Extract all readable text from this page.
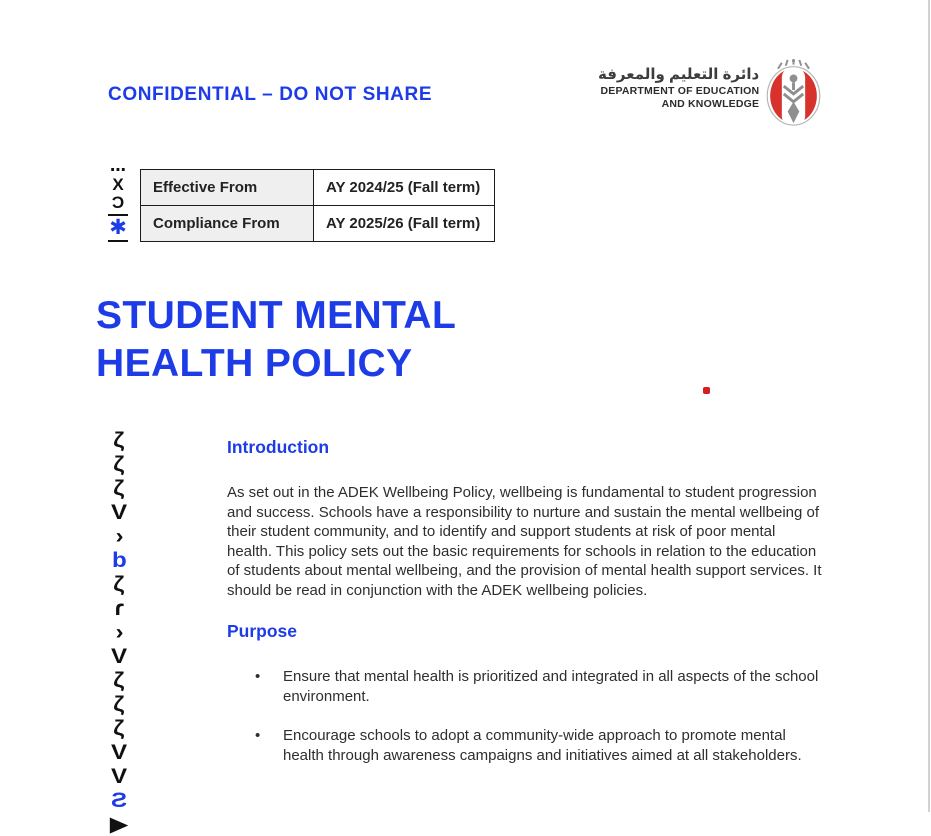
CONFIDENTIAL – DO NOT SHARE
دائرة التعليم والمعرفة
DEPARTMENT OF EDUCATION
AND KNOWLEDGE
⋯
X
Ɔ
✱
Effective From	AY 2024/25 (Fall term)
Compliance From	AY 2025/26 (Fall term)
STUDENT MENTAL
HEALTH POLICY
Introduction

As set out in the ADEK Wellbeing Policy, wellbeing is fundamental to student progression and success. Schools have a responsibility to nurture and sustain the mental wellbeing of their student community, and to identify and support students at risk of poor mental health. This policy sets out the basic requirements for schools in relation to the education of students about mental wellbeing, and the provision of mental health support services. It should be read in conjunction with the ADEK wellbeing policies.

Purpose
•	Ensure that mental health is prioritized and integrated in all aspects of the school environment.
•	Encourage schools to adopt a community-wide approach to promote mental health through awareness campaigns and initiatives aimed at all stakeholders.
ζ
ζ
ζ
V
›
b
ζ
ɾ
›
V
ζ
ζ
ζ
V
V
Ƨ
▶
